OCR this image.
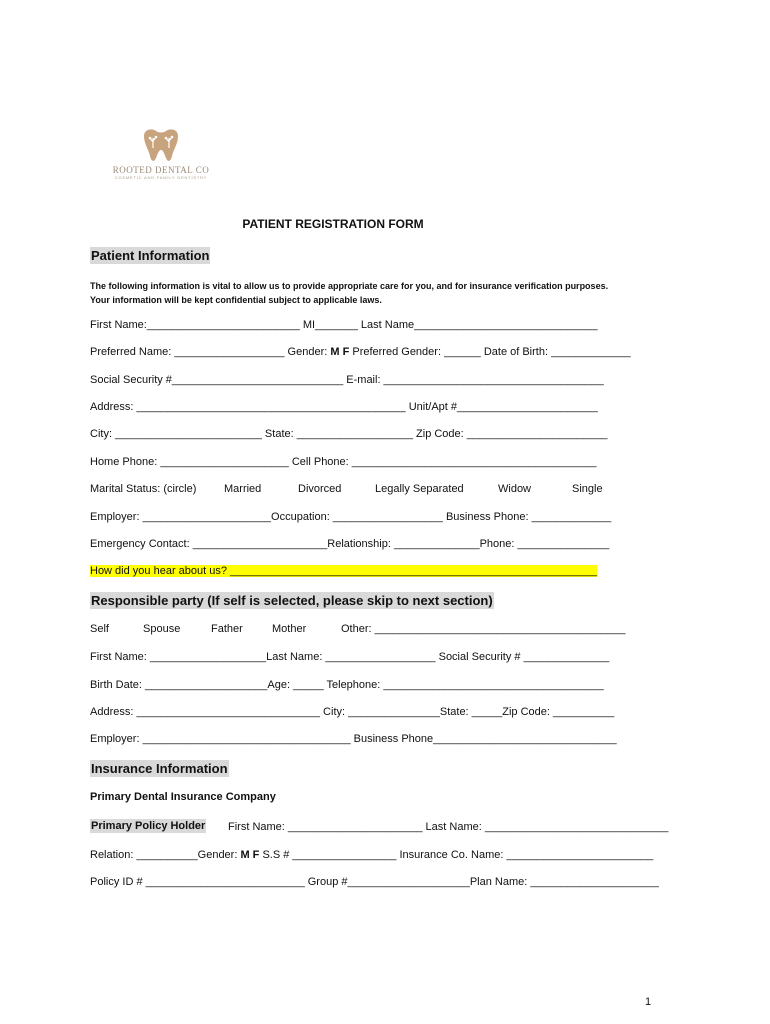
ROOTED DENTAL CO
COSMETIC AND FAMILY DENTISTRY
PATIENT REGISTRATION FORM
Patient Information
The following information is vital to allow us to provide appropriate care for you, and for insurance verification purposes.
Your information will be kept confidential subject to applicable laws.
First Name:_________________________ MI_______ Last Name______________________________
Preferred Name: __________________ Gender: M F Preferred Gender: ______ Date of Birth: _____________
Social Security #____________________________ E-mail: ____________________________________
Address: ____________________________________________ Unit/Apt #_______________________
City: ________________________ State: ___________________ Zip Code: _______________________
Home Phone: _____________________ Cell Phone: ________________________________________
Marital Status: (circle)	Married	Divorced	Legally Separated	Widow	Single
Employer: _____________________Occupation: __________________ Business Phone: _____________
Emergency Contact: ______________________Relationship: ______________Phone: _______________
How did you hear about us? ____________________________________________________________
Responsible party (If self is selected, please skip to next section)
Self	Spouse	Father	Mother	Other: _________________________________________
First Name: ___________________Last Name: __________________ Social Security # ______________
Birth Date: ____________________Age: _____ Telephone: ____________________________________
Address: ______________________________ City: _______________State: _____Zip Code: __________
Employer: __________________________________ Business Phone______________________________
Insurance Information
Primary Dental Insurance Company
Primary Policy Holder First Name: ______________________ Last Name: ______________________________
Relation: __________Gender: M F S.S # _________________ Insurance Co. Name: ________________________
Policy ID # __________________________ Group #____________________Plan Name: _____________________
1
